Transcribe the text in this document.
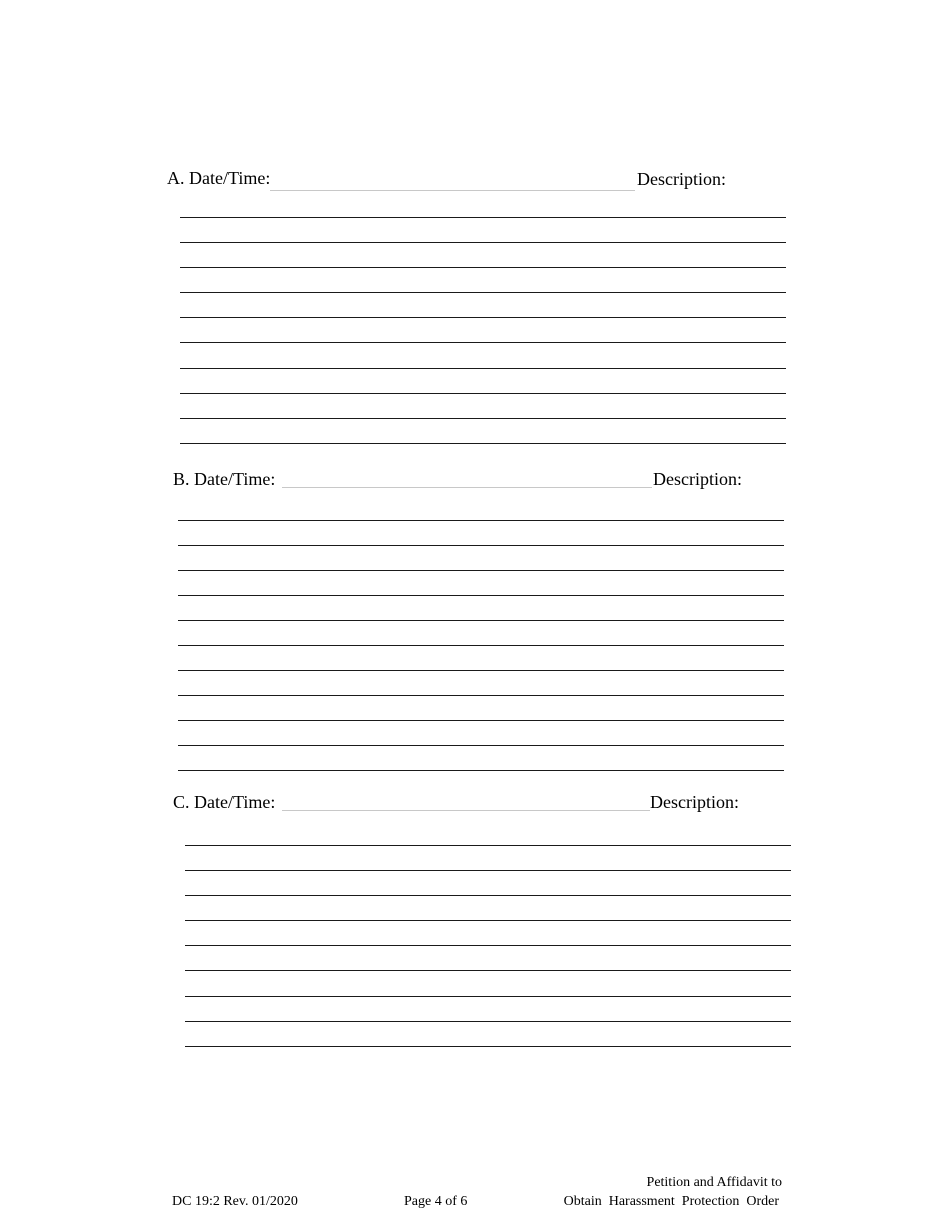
A. Date/Time:	Description:
B. Date/Time:	Description:
C. Date/Time:	Description:
DC 19:2 Rev. 01/2020	Page 4 of 6
Petition and Affidavit to
Obtain  Harassment  Protection  Order
